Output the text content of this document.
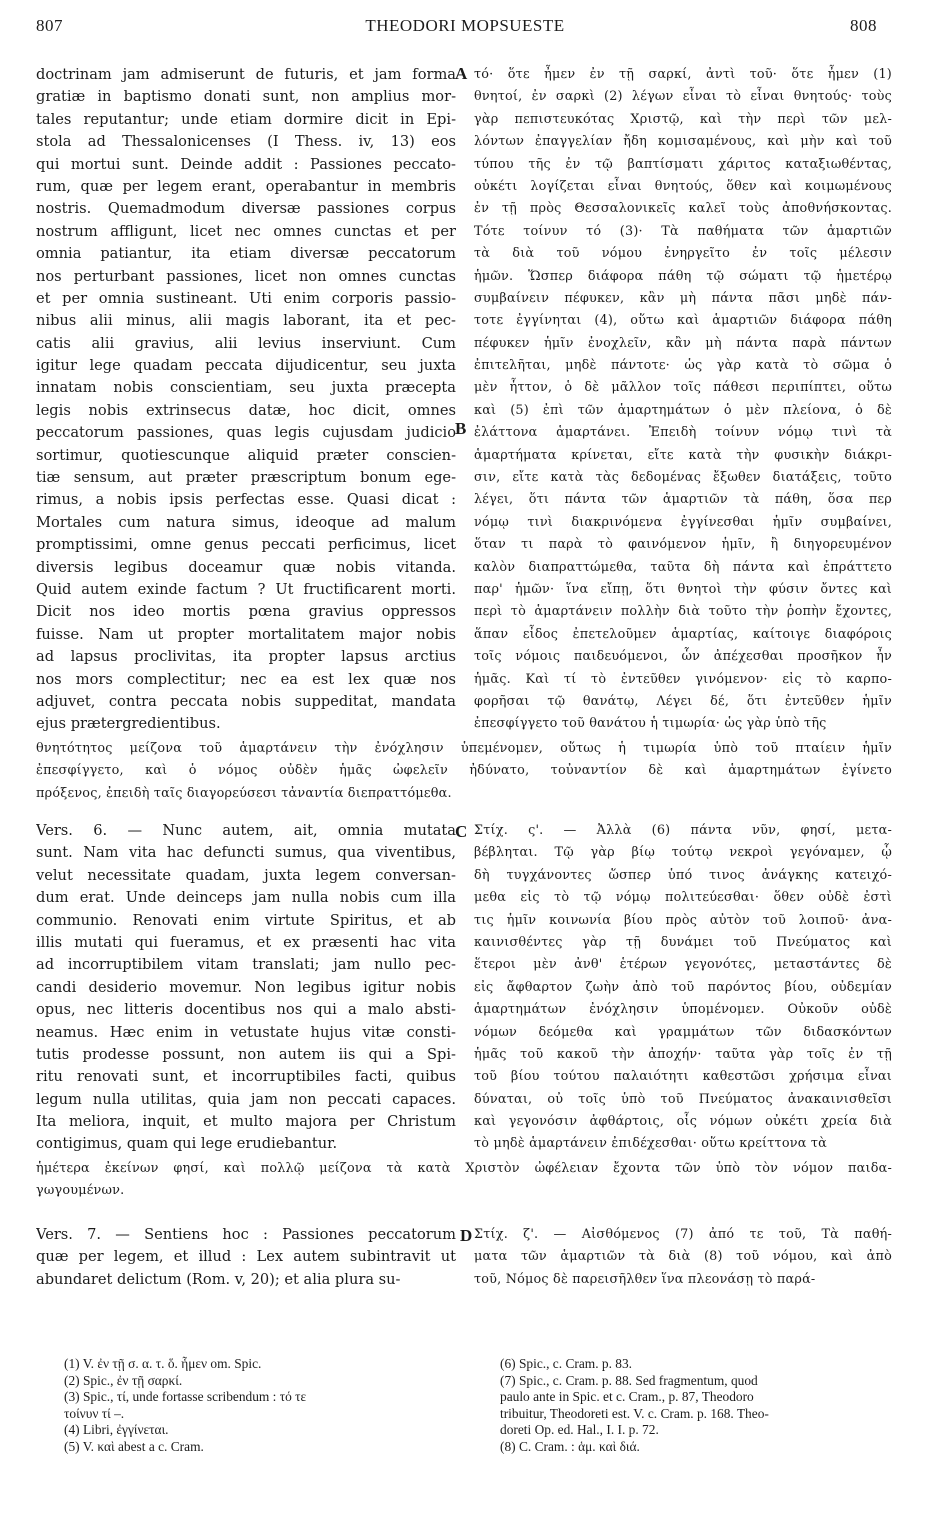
807	THEODORI MOPSUESTE	808
A
B
C
D
doctrinam jam admiserunt de futuris, et jam forma
gratiæ in baptismo donati sunt, non amplius mor-
tales reputantur; unde etiam dormire dicit in Epi-
stola ad Thessalonicenses (I Thess. iv, 13) eos
qui mortui sunt. Deinde addit : Passiones peccato-
rum, quæ per legem erant, operabantur in membris
nostris. Quemadmodum diversæ passiones corpus
nostrum affligunt, licet nec omnes cunctas et per
omnia patiantur, ita etiam diversæ peccatorum
nos perturbant passiones, licet non omnes cunctas
et per omnia sustineant. Uti enim corporis passio-
nibus alii minus, alii magis laborant, ita et pec-
catis alii gravius, alii levius inserviunt. Cum
igitur lege quadam peccata dijudicentur, seu juxta
innatam nobis conscientiam, seu juxta præcepta
legis nobis extrinsecus datæ, hoc dicit, omnes
peccatorum passiones, quas legis cujusdam judicio
sortimur, quotiescunque aliquid præter conscien-
tiæ sensum, aut præter præscriptum bonum ege-
rimus, a nobis ipsis perfectas esse. Quasi dicat :
Mortales cum natura simus, ideoque ad malum
promptissimi, omne genus peccati perficimus, licet
diversis legibus doceamur quæ nobis vitanda.
Quid autem exinde factum ? Ut fructificarent morti.
Dicit nos ideo mortis pœna gravius oppressos
fuisse. Nam ut propter mortalitatem major nobis
ad lapsus proclivitas, ita propter lapsus arctius
nos mors complectitur; nec ea est lex quæ nos
adjuvet, contra peccata nobis suppeditat, mandata
ejus prætergredientibus.
τό· ὅτε ἦμεν ἐν τῇ σαρκί, ἀντὶ τοῦ· ὅτε ἦμεν (1)
θνητοί, ἐν σαρκὶ (2) λέγων εἶναι τὸ εἶναι θνητούς· τοὺς
γὰρ πεπιστευκότας Χριστῷ, καὶ τὴν περὶ τῶν μελ-
λόντων ἐπαγγελίαν ἤδη κομισαμένους, καὶ μὴν καὶ τοῦ
τύπου τῆς ἐν τῷ βαπτίσματι χάριτος καταξιωθέντας,
οὐκέτι λογίζεται εἶναι θνητούς, ὅθεν καὶ κοιμωμένους
ἐν τῇ πρὸς Θεσσαλονικεῖς καλεῖ τοὺς ἀποθνήσκοντας.
Τότε τοίνυν τό (3)· Τὰ παθήματα τῶν ἁμαρτιῶν
τὰ διὰ τοῦ νόμου ἐνηργεῖτο ἐν τοῖς μέλεσιν
ἡμῶν. Ὥσπερ διάφορα πάθη τῷ σώματι τῷ ἡμετέρῳ
συμβαίνειν πέφυκεν, κἂν μὴ πάντα πᾶσι μηδὲ πάν-
τοτε ἐγγίνηται (4), οὕτω καὶ ἁμαρτιῶν διάφορα πάθη
πέφυκεν ἡμῖν ἐνοχλεῖν, κἂν μὴ πάντα παρὰ πάντων
ἐπιτελῆται, μηδὲ πάντοτε· ὡς γὰρ κατὰ τὸ σῶμα ὁ
μὲν ἧττον, ὁ δὲ μᾶλλον τοῖς πάθεσι περιπίπτει, οὕτω
καὶ (5) ἐπὶ τῶν ἁμαρτημάτων ὁ μὲν πλείονα, ὁ δὲ
ἐλάττονα ἁμαρτάνει. Ἐπειδὴ τοίνυν νόμῳ τινὶ τὰ
ἁμαρτήματα κρίνεται, εἴτε κατὰ τὴν φυσικὴν διάκρι-
σιν, εἴτε κατὰ τὰς δεδομένας ἔξωθεν διατάξεις, τοῦτο
λέγει, ὅτι πάντα τῶν ἁμαρτιῶν τὰ πάθη, ὅσα περ
νόμῳ τινὶ διακρινόμενα ἐγγίνεσθαι ἡμῖν συμβαίνει,
ὅταν τι παρὰ τὸ φαινόμενον ἡμῖν, ἢ διηγορευμένον
καλὸν διαπραττώμεθα, ταῦτα δὴ πάντα καὶ ἐπράττετο
παρ' ἡμῶν· ἵνα εἴπῃ, ὅτι θνητοὶ τὴν φύσιν ὄντες καὶ
περὶ τὸ ἁμαρτάνειν πολλὴν διὰ τοῦτο τὴν ῥοπὴν ἔχοντες,
ἅπαν εἶδος ἐπετελοῦμεν ἁμαρτίας, καίτοιγε διαφόροις
τοῖς νόμοις παιδευόμενοι, ὧν ἀπέχεσθαι προσῆκον ἦν
ἡμᾶς. Καὶ τί τὸ ἐντεῦθεν γινόμενον· εἰς τὸ καρπο-
φορῆσαι τῷ θανάτῳ, Λέγει δέ, ὅτι ἐντεῦθεν ἡμῖν
ἐπεσφίγγετο τοῦ θανάτου ἡ τιμωρία· ὡς γὰρ ὑπὸ τῆς
θνητότητος μείζονα τοῦ ἁμαρτάνειν τὴν ἐνόχλησιν ὑπεμένομεν, οὕτως ἡ τιμωρία ὑπὸ τοῦ πταίειν ἡμῖν
ἐπεσφίγγετο, καὶ ὁ νόμος οὐδὲν ἡμᾶς ὠφελεῖν ἠδύνατο, τοὐναντίον δὲ καὶ ἁμαρτημάτων ἐγίνετο
πρόξενος, ἐπειδὴ ταῖς διαγορεύσεσι τἀναντία διεπραττόμεθα.
Vers. 6. — Nunc autem, ait, omnia mutata
sunt. Nam vita hac defuncti sumus, qua viventibus,
velut necessitate quadam, juxta legem conversan-
dum erat. Unde deinceps jam nulla nobis cum illa
communio. Renovati enim virtute Spiritus, et ab
illis mutati qui fueramus, et ex præsenti hac vita
ad incorruptibilem vitam translati; jam nullo pec-
candi desiderio movemur. Non legibus igitur nobis
opus, nec litteris docentibus nos qui a malo absti-
neamus. Hæc enim in vetustate hujus vitæ consti-
tutis prodesse possunt, non autem iis qui a Spi-
ritu renovati sunt, et incorruptibiles facti, quibus
legum nulla utilitas, quia jam non peccati capaces.
Ita meliora, inquit, et multo majora per Christum
contigimus, quam qui lege erudiebantur.
Στίχ. ς'. — Ἀλλὰ (6) πάντα νῦν, φησί, μετα-
βέβληται. Τῷ γὰρ βίῳ τούτῳ νεκροὶ γεγόναμεν, ᾧ
δὴ τυγχάνοντες ὥσπερ ὑπό τινος ἀνάγκης κατειχό-
μεθα εἰς τὸ τῷ νόμῳ πολιτεύεσθαι· ὅθεν οὐδὲ ἐστὶ
τις ἡμῖν κοινωνία βίου πρὸς αὐτὸν τοῦ λοιποῦ· ἀνα-
καινισθέντες γὰρ τῇ δυνάμει τοῦ Πνεύματος καὶ
ἕτεροι μὲν ἀνθ' ἑτέρων γεγονότες, μεταστάντες δὲ
εἰς ἄφθαρτον ζωὴν ἀπὸ τοῦ παρόντος βίου, οὐδεμίαν
ἁμαρτημάτων ἐνόχλησιν ὑπομένομεν. Οὐκοῦν οὐδὲ
νόμων δεόμεθα καὶ γραμμάτων τῶν διδασκόντων
ἡμᾶς τοῦ κακοῦ τὴν ἀποχήν· ταῦτα γὰρ τοῖς ἐν τῇ
τοῦ βίου τούτου παλαιότητι καθεστῶσι χρήσιμα εἶναι
δύναται, οὐ τοῖς ὑπὸ τοῦ Πνεύματος ἀνακαινισθεῖσι
καὶ γεγονόσιν ἀφθάρτοις, οἷς νόμων οὐκέτι χρεία διὰ
τὸ μηδὲ ἁμαρτάνειν ἐπιδέχεσθαι· οὕτω κρείττονα τὰ
ἡμέτερα ἐκείνων φησί, καὶ πολλῷ μείζονα τὰ κατὰ Χριστὸν ὠφέλειαν ἔχοντα τῶν ὑπὸ τὸν νόμον παιδα-
γωγουμένων.
Vers. 7. — Sentiens hoc : Passiones peccatorum
quæ per legem, et illud : Lex autem subintravit ut
abundaret delictum (Rom. v, 20); et alia plura su-
Στίχ. ζ'. — Αἰσθόμενος (7) ἀπό τε τοῦ, Τὰ παθή-
ματα τῶν ἁμαρτιῶν τὰ διὰ (8) τοῦ νόμου, καὶ ἀπὸ
τοῦ, Νόμος δὲ παρεισῆλθεν ἵνα πλεονάσῃ τὸ παρά-
(1) V. ἐν τῇ σ. α. τ. ὅ. ἦμεν om. Spic.
(2) Spic., ἐν τῇ σαρκί.
(3) Spic., τί, unde fortasse scribendum : τό τε
τοίνυν τί –.
(4) Libri, ἐγγίνεται.
(5) V. καὶ abest a c. Cram.
(6) Spic., c. Cram. p. 83.
(7) Spic., c. Cram. p. 88. Sed fragmentum, quod
paulo ante in Spic. et c. Cram., p. 87, Theodoro
tribuitur, Theodoreti est. V. c. Cram. p. 168. Theo-
doreti Op. ed. Hal., I. I. p. 72.
(8) C. Cram. : ἁμ. καὶ διά.
